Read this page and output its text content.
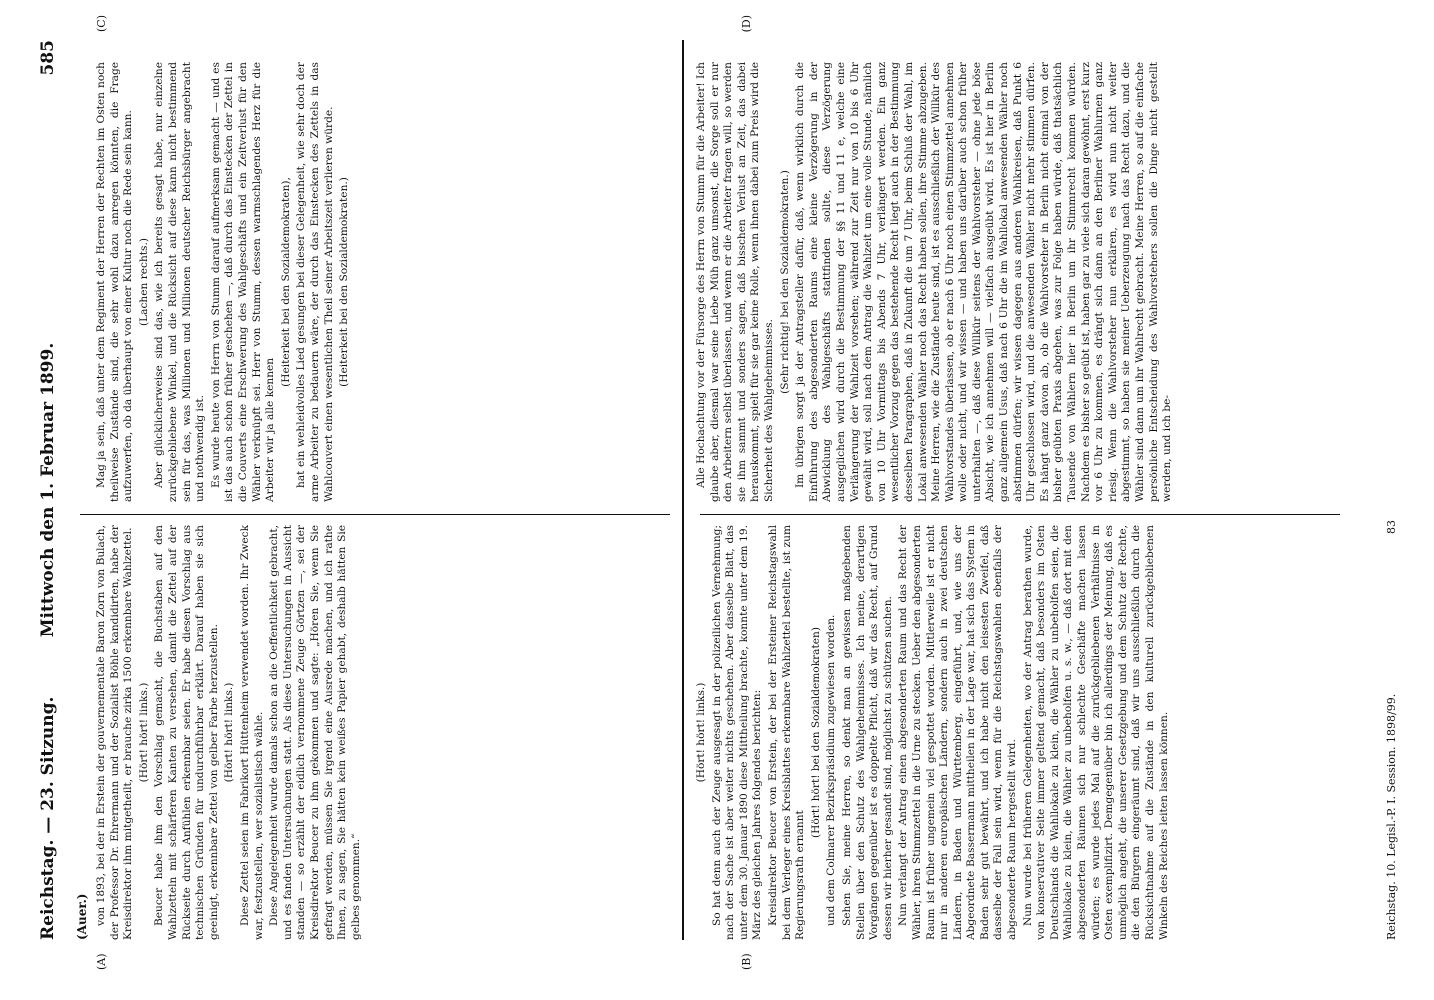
Reichstag. — 23. Sitzung.
Mittwoch den 1. Februar 1899.
585
(Auer.)
(A)	(B)
(C)	(D)

von 1893, bei der in Erstein der gouvernementale Baron Zorn von Bulach, der Professor Dr. Ehrermann und der Sozialist Böhle kandidirten, habe der Kreisdirektor ihm mitgetheilt, er brauche zirka 1500 erkennbare Wahlzettel. (Hört! hört! links.) Beucer habe ihm den Vorschlag gemacht, die Buchstaben auf den Wahlzetteln mit schärferen Kanten zu versehen, damit die Zettel auf der Rückseite durch Anfühlen erkennbar seien. Er habe diesen Vorschlag aus technischen Gründen für undurchführbar erklärt. Darauf haben sie sich geeinigt, erkennbare Zettel von gelber Farbe herzustellen. (Hört! hört! links.) Diese Zettel seien im Fabrikort Hüttenheim verwendet worden. Ihr Zweck war, festzustellen, wer sozialistisch wähle. Diese Angelegenheit wurde damals schon an die Oeffentlichkeit gebracht, und es fanden Untersuchungen statt. Als diese Untersuchungen in Aussicht standen — so erzählt der eidlich vernommene Zeuge Görtzen —, sei der Kreisdirektor Beucer zu ihm gekommen und sagte: „Hören Sie, wenn Sie gefragt werden, müssen Sie irgend eine Ausrede machen, und ich rathe Ihnen, zu sagen, Sie hätten kein weißes Papier gehabt, deshalb hätten Sie gelbes genommen.“

(Hört! hört! links.) So hat denn auch der Zeuge ausgesagt in der polizeilichen Vernehmung; nach der Sache ist aber weiter nichts geschehen. Aber dasselbe Blatt, das unter dem 30. Januar 1890 diese Mittheilung brachte, konnte unter dem 19. März des gleichen Jahres folgendes berichten: Kreisdirektor Beucer von Erstein, der bei der Ersteiner Reichstagswahl bei dem Verleger eines Kreisblattes erkennbare Wahlzettel bestellte, ist zum Regierungsrath ernannt

(Hört! hört! bei den Sozialdemokraten) und dem Colmarer Bezirkspräsidium zugewiesen worden. Sehen Sie, meine Herren, so denkt man an gewissen maßgebenden Stellen über den Schutz des Wahlgeheimnisses. Ich meine, derartigen Vorgängen gegenüber ist es doppelte Pflicht, daß wir das Recht, auf Grund dessen wir hierher gesandt sind, möglichst zu schützen suchen. Nun verlangt der Antrag einen abgesonderten Raum und das Recht der Wähler, ihren Stimmzettel in die Urne zu stecken. Ueber den abgesonderten Raum ist früher ungemein viel gespottet worden. Mittlerweile ist er nicht nur in anderen europäischen Ländern, sondern auch in zwei deutschen Ländern, in Baden und Württemberg, eingeführt, und, wie uns der Abgeordnete Bassermann mittheilen in der Lage war, hat sich das System in Baden sehr gut bewährt, und ich habe nicht den leisesten Zweifel, daß dasselbe der Fall sein wird, wenn für die Reichstagswahlen ebenfalls der abgesonderte Raum hergestellt wird. Nun wurde bei früheren Gelegenheiten, wo der Antrag berathen wurde, von konservativer Seite immer geltend gemacht, daß besonders im Osten Deutschlands die Wahllokale zu klein, die Wähler zu unbeholfen seien, die Wahllokale zu klein, die Wähler zu unbeholfen u. s. w., — daß dort mit den abgesonderten Räumen sich nur schlechte Geschäfte machen lassen würden; es wurde jedes Mal auf die zurückgebliebenen Verhältnisse in Osten exemplifizirt. Demgegenüber bin ich allerdings der Meinung, daß es unmöglich angeht, die unserer Gesetzgebung und dem Schutz der Rechte, die den Bürgern eingeräumt sind, daß wir uns ausschließlich durch die Rücksichtnahme auf die Zustände in den kulturell zurückgebliebenen Winkeln des Reiches leiten lassen können.

Mag ja sein, daß unter dem Regiment der Herren der Rechten im Osten noch theilweise Zustände sind, die sehr wohl dazu anregen könnten, die Frage aufzuwerfen, ob da überhaupt von einer Kultur noch die Rede sein kann. (Lachen rechts.) Aber glücklicherweise sind das, wie ich bereits gesagt habe, nur einzelne zurückgebliebene Winkel, und die Rücksicht auf diese kann nicht bestimmend sein für das, was Millionen und Millionen deutscher Reichsbürger angebracht und nothwendig ist. Es wurde heute von Herrn von Stumm darauf aufmerksam gemacht — und es ist das auch schon früher geschehen —, daß durch das Einstecken der Zettel in die Couverts eine Erschwerung des Wahlgeschäfts und ein Zeitverlust für den Wähler verknüpft sei. Herr von Stumm, dessen warmschlagendes Herz für die Arbeiter wir ja alle kennen

(Heiterkeit bei den Sozialdemokraten), hat ein wehleidvolles Lied gesungen bei dieser Gelegenheit, wie sehr doch der arme Arbeiter zu bedauern wäre, der durch das Einstecken des Zettels in das Wahlcouvert einen wesentlichen Theil seiner Arbeitszeit verlieren würde. (Heiterkeit bei den Sozialdemokraten.)	Alle Hochachtung vor der Fürsorge des Herrn von Stumm für die Arbeiter! Ich glaube aber, diesmal war seine Liebe Müh ganz umsonst, die Sorge soll er nur den Arbeitern selbst überlassen, und wenn er die Arbeiter fragen will, so werden sie ihm sammt und sonders sagen, daß bisschen Verlust an Zeit, das dabei herauskommt, spielt für sie gar keine Rolle, wenn ihnen dabei zum Preis wird die Sicherheit des Wahlgeheimnisses.

(Sehr richtig! bei den Sozialdemokraten.) Im übrigen sorgt ja der Antragsteller dafür, daß, wenn wirklich durch die Einführung des abgesonderten Raums eine kleine Verzögerung in der Abwicklung des Wahlgeschäfts stattfinden sollte, diese Verzögerung ausgeglichen wird durch die Bestimmung der §§ 11 und 11 e, welche eine Verlängerung der Wahlzeit vorsehen; während zur Zeit nur von 10 bis 6 Uhr gewählt wird, soll nach dem Antrag die Wahlzeit um eine volle Stunde, nämlich von 10 Uhr Vormittags bis Abends 7 Uhr, verlängert werden. Ein ganz wesentlicher Vorzug gegen das bestehende Recht liegt auch in der Bestimmung desselben Paragraphen, daß in Zukunft die um 7 Uhr, beim Schluß der Wahl, im Lokal anwesenden Wähler noch das Recht haben sollen, ihre Stimme abzugeben. Meine Herren, wie die Zustände heute sind, ist es ausschließlich der Willkür des Wahlvorstandes überlassen, ob er nach 6 Uhr noch einen Stimmzettel annehmen wolle oder nicht, und wir wissen — und haben uns darüber auch schon früher unterhalten —, daß diese Willkür seitens der Wahlvorsteher — ohne jede böse Absicht, wie ich annehmen will — vielfach ausgeübt wird. Es ist hier in Berlin ganz allgemein Usus, daß nach 6 Uhr die im Wahllokal anwesenden Wähler noch abstimmen dürfen; wir wissen dagegen aus anderen Wahlkreisen, daß Punkt 6 Uhr geschlossen wird, und die anwesenden Wähler nicht mehr stimmen dürfen. Es hängt ganz davon ab, ob die Wahlvorsteher in Berlin nicht einmal von der bisher geübten Praxis abgehen, was zur Folge haben würde, daß thatsächlich Tausende von Wählern hier in Berlin um ihr Stimmrecht kommen würden. Nachdem es bisher so geübt ist, haben gar zu viele sich daran gewöhnt, erst kurz vor 6 Uhr zu kommen, es drängt sich dann an den Berliner Wahlurnen ganz riesig. Wenn die Wahlvorsteher nun erklären, es wird nun nicht weiter abgestimmt, so haben sie meiner Ueberzeugung nach das Recht dazu, und die Wähler sind dann um ihr Wahlrecht gebracht. Meine Herren, so auf die einfache persönliche Entscheidung des Wahlvorstehers sollen die Dinge nicht gestellt werden, und ich be-

Reichstag. 10. Legisl.-P. I. Session. 1898/99.
83
